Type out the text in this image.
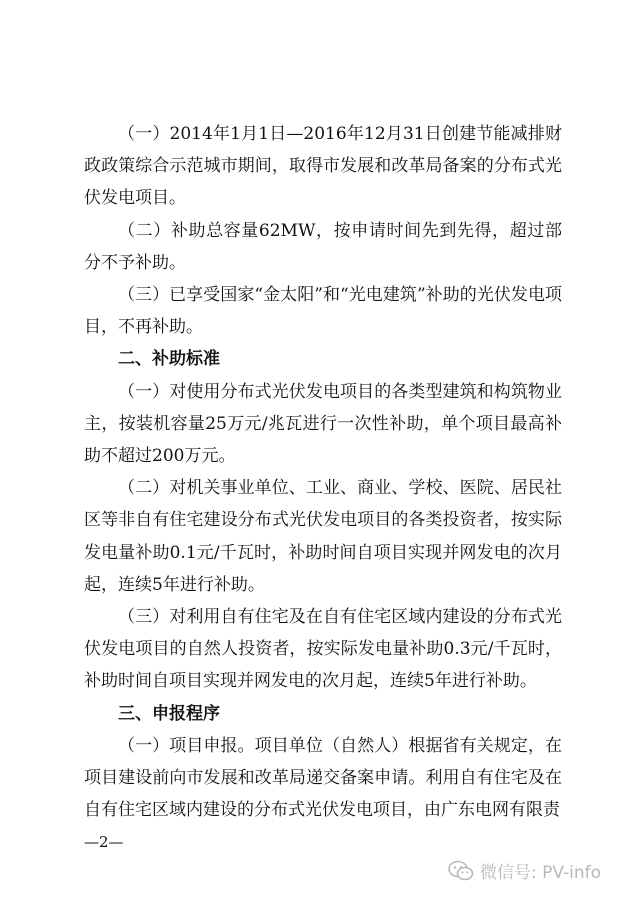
（一）2014年1月1日—2016年12月31日创建节能减排财政政策综合示范城市期间，取得市发展和改革局备案的分布式光伏发电项目。

（二）补助总容量62MW，按申请时间先到先得，超过部分不予补助。

（三）已享受国家“金太阳”和“光电建筑”补助的光伏发电项目，不再补助。

二、补助标准

（一）对使用分布式光伏发电项目的各类型建筑和构筑物业主，按装机容量25万元/兆瓦进行一次性补助，单个项目最高补助不超过200万元。

（二）对机关事业单位、工业、商业、学校、医院、居民社区等非自有住宅建设分布式光伏发电项目的各类投资者，按实际发电量补助0.1元/千瓦时，补助时间自项目实现并网发电的次月起，连续5年进行补助。

（三）对利用自有住宅及在自有住宅区域内建设的分布式光伏发电项目的自然人投资者，按实际发电量补助0.3元/千瓦时，补助时间自项目实现并网发电的次月起，连续5年进行补助。

三、申报程序

（一）项目申报。项目单位（自然人）根据省有关规定，在项目建设前向市发展和改革局递交备案申请。利用自有住宅及在自有住宅区域内建设的分布式光伏发电项目，由广东电网有限责

—2—
微信号: PV-info
